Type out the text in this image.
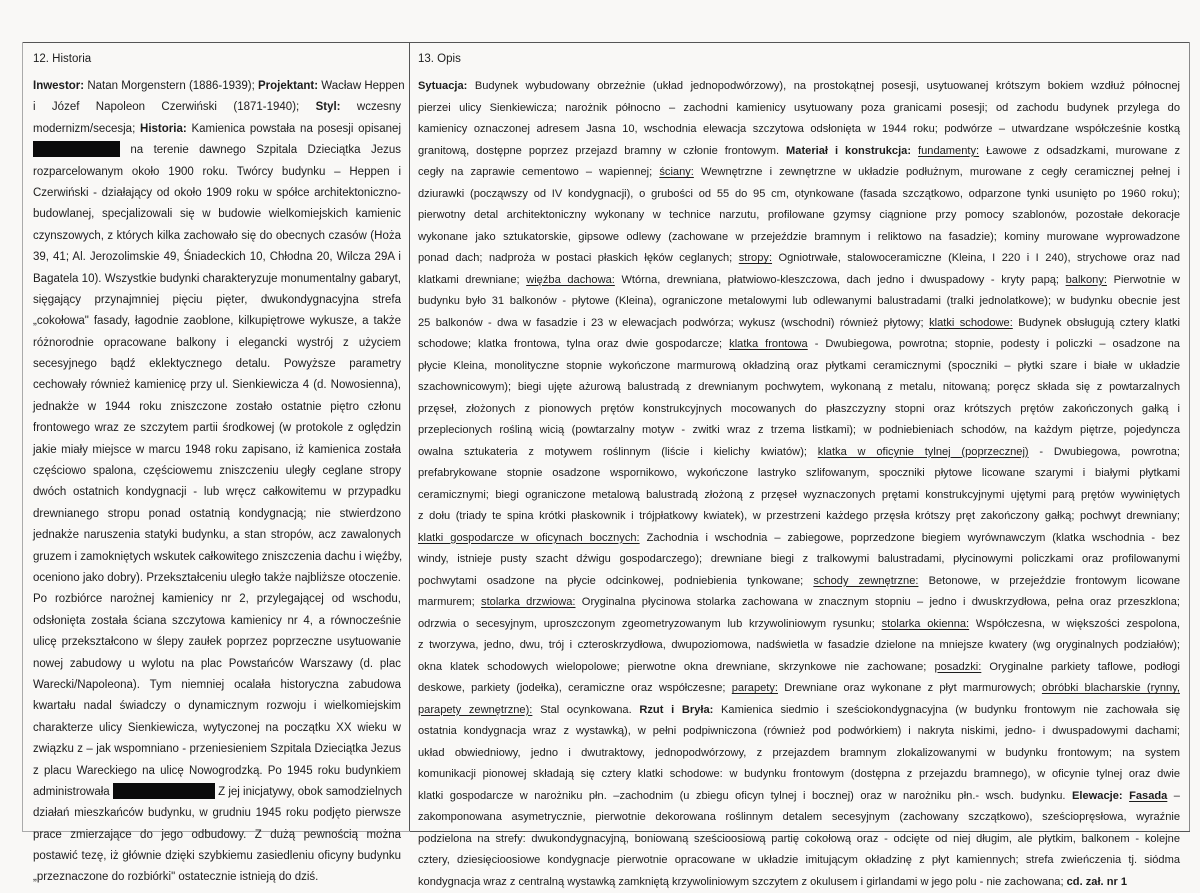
12. Historia
Inwestor: Natan Morgenstern (1886-1939); Projektant: Wacław Heppen
i Józef Napoleon Czerwiński (1871-1940); Styl: wczesny
modernizm/secesja; Historia: Kamienica powstała na posesji opisanej
na terenie dawnego Szpitala Dzieciątka Jezus
rozparcelowanym około 1900 roku. Twórcy budynku – Heppen i
Czerwiński - działający od około 1909 roku w spółce architektoniczno-
budowlanej, specjalizowali się w budowie wielkomiejskich kamienic
czynszowych, z których kilka zachowało się do obecnych czasów (Hoża
39, 41; Al. Jerozolimskie 49, Śniadeckich 10, Chłodna 20, Wilcza 29A i
Bagatela 10). Wszystkie budynki charakteryzuje monumentalny gabaryt,
sięgający przynajmniej pięciu pięter, dwukondygnacyjna strefa
„cokołowa" fasady, łagodnie zaoblone, kilkupiętrowe wykusze, a także
różnorodnie opracowane balkony i elegancki wystrój z użyciem
secesyjnego bądź eklektycznego detalu. Powyższe parametry
cechowały również kamienicę przy ul. Sienkiewicza 4 (d. Nowosienna),
jednakże w 1944 roku zniszczone zostało ostatnie piętro członu
frontowego wraz ze szczytem partii środkowej (w protokole z oględzin
jakie miały miejsce w marcu 1948 roku zapisano, iż kamienica została
częściowo spalona, częściowemu zniszczeniu uległy ceglane stropy
dwóch ostatnich kondygnacji - lub wręcz całkowitemu w przypadku
drewnianego stropu ponad ostatnią kondygnacją; nie stwierdzono
jednakże naruszenia statyki budynku, a stan stropów, acz zawalonych
gruzem i zamokniętych wskutek całkowitego zniszczenia dachu i więźby,
oceniono jako dobry). Przekształceniu uległo także najbliższe otoczenie.
Po rozbiórce narożnej kamienicy nr 2, przylegającej od wschodu,
odsłonięta została ściana szczytowa kamienicy nr 4, a równocześnie
ulicę przekształcono w ślepy zaułek poprzez poprzeczne usytuowanie
nowej zabudowy u wylotu na plac Powstańców Warszawy (d. plac
Warecki/Napoleona). Tym niemniej ocalała historyczna zabudowa
kwartału nadal świadczy o dynamicznym rozwoju i wielkomiejskim
charakterze ulicy Sienkiewicza, wytyczonej na początku XX wieku w
związku z – jak wspomniano - przeniesieniem Szpitala Dzieciątka Jezus
z placu Wareckiego na ulicę Nowogrodzką. Po 1945 roku budynkiem
administrowała	Z jej inicjatywy, obok samodzielnych
działań mieszkańców budynku, w grudniu 1945 roku podjęto pierwsze
prace zmierzające do jego odbudowy. Z dużą pewnością można
postawić tezę, iż głównie dzięki szybkiemu zasiedleniu oficyny budynku
„przeznaczone do rozbiórki" ostatecznie istnieją do dziś.
13. Opis
Sytuacja: Budynek wybudowany obrzeżnie (układ jednopodwórzowy), na prostokątnej posesji, usytuowanej krótszym bokiem wzdłuż północnej
pierzei ulicy Sienkiewicza; narożnik północno – zachodni kamienicy usytuowany poza granicami posesji; od zachodu budynek przylega do
kamienicy oznaczonej adresem Jasna 10, wschodnia elewacja szczytowa odsłonięta w 1944 roku; podwórze – utwardzane współcześnie kostką
granitową, dostępne poprzez przejazd bramny w członie frontowym. Materiał i konstrukcja: fundamenty: Ławowe z odsadzkami, murowane z
cegły na zaprawie cementowo – wapiennej; ściany: Wewnętrzne i zewnętrzne w układzie podłużnym, murowane z cegły ceramicznej pełnej i
dziurawki (począwszy od IV kondygnacji), o grubości od 55 do 95 cm, otynkowane (fasada szczątkowo, odparzone tynki usunięto po 1960 roku);
pierwotny detal architektoniczny wykonany w technice narzutu, profilowane gzymsy ciągnione przy pomocy szablonów, pozostałe dekoracje
wykonane jako sztukatorskie, gipsowe odlewy (zachowane w przejeździe bramnym i reliktowo na fasadzie); kominy murowane wyprowadzone
ponad dach; nadproża w postaci płaskich łęków ceglanych; stropy: Ogniotrwałe, stalowoceramiczne (Kleina, I 220 i I 240), strychowe oraz nad
klatkami drewniane; więźba dachowa: Wtórna, drewniana, płatwiowo-kleszczowa, dach jedno i dwuspadowy - kryty papą; balkony: Pierwotnie w
budynku było 31 balkonów - płytowe (Kleina), ograniczone metalowymi lub odlewanymi balustradami (tralki jednolatkowe); w budynku obecnie jest
25 balkonów - dwa w fasadzie i 23 w elewacjach podwórza; wykusz (wschodni) również płytowy; klatki schodowe: Budynek obsługują cztery klatki
schodowe; klatka frontowa, tylna oraz dwie gospodarcze; klatka frontowa - Dwubiegowa, powrotna; stopnie, podesty i policzki – osadzone na
płycie Kleina, monolityczne stopnie wykończone marmurową okładziną oraz płytkami ceramicznymi (spoczniki – płytki szare i białe w układzie
szachownicowym); biegi ujęte ażurową balustradą z drewnianym pochwytem, wykonaną z metalu, nitowaną; poręcz składa się z powtarzalnych
przęseł, złożonych z pionowych prętów konstrukcyjnych mocowanych do płaszczyzny stopni oraz krótszych prętów zakończonych gałką i
przeplecionych rośliną wicią (powtarzalny motyw - zwitki wraz z trzema listkami); w podniebieniach schodów, na każdym piętrze, pojedyncza
owalna sztukateria z motywem roślinnym (liście i kielichy kwiatów); klatka w oficynie tylnej (poprzecznej) - Dwubiegowa, powrotna;
prefabrykowane stopnie osadzone wspornikowo, wykończone lastryko szlifowanym, spoczniki płytowe licowane szarymi i białymi płytkami
ceramicznymi; biegi ograniczone metalową balustradą złożoną z przęseł wyznaczonych prętami konstrukcyjnymi ujętymi parą prętów wywiniętych
z dołu (triady te spina krótki płaskownik i trójpłatkowy kwiatek), w przestrzeni każdego przęsła krótszy pręt zakończony gałką; pochwyt drewniany;
klatki gospodarcze w oficynach bocznych: Zachodnia i wschodnia – zabiegowe, poprzedzone biegiem wyrównawczym (klatka wschodnia - bez
windy, istnieje pusty szacht dźwigu gospodarczego); drewniane biegi z tralkowymi balustradami, płycinowymi policzkami oraz profilowanymi
pochwytami osadzone na płycie odcinkowej, podniebienia tynkowane; schody zewnętrzne: Betonowe, w przejeździe frontowym licowane
marmurem; stolarka drzwiowa: Oryginalna płycinowa stolarka zachowana w znacznym stopniu – jedno i dwuskrzydłowa, pełna oraz przeszklona;
odrzwia o secesyjnym, uproszczonym zgeometryzowanym lub krzywoliniowym rysunku; stolarka okienna: Współczesna, w większości zespolona,
z tworzywa, jedno, dwu, trój i czteroskrzydłowa, dwupoziomowa, nadświetla w fasadzie dzielone na mniejsze kwatery (wg oryginalnych podziałów);
okna klatek schodowych wielopolowe; pierwotne okna drewniane, skrzynkowe nie zachowane; posadzki: Oryginalne parkiety taflowe, podłogi
deskowe, parkiety (jodełka), ceramiczne oraz współczesne; parapety: Drewniane oraz wykonane z płyt marmurowych; obróbki blacharskie (rynny,
parapety zewnętrzne): Stal ocynkowana. Rzut i Bryła: Kamienica siedmio i sześciokondygnacyjna (w budynku frontowym nie zachowała się
ostatnia kondygnacja wraz z wystawką), w pełni podpiwniczona (również pod podwórkiem) i nakryta niskimi, jedno- i dwuspadowymi dachami;
układ obwiedniowy, jedno i dwutraktowy, jednopodwórzowy, z przejazdem bramnym zlokalizowanymi w budynku frontowym; na system
komunikacji pionowej składają się cztery klatki schodowe: w budynku frontowym (dostępna z przejazdu bramnego), w oficynie tylnej oraz dwie
klatki gospodarcze w narożniku płn. –zachodnim (u zbiegu oficyn tylnej i bocznej) oraz w narożniku płn.- wsch. budynku. Elewacje: Fasada –
zakomponowana asymetrycznie, pierwotnie dekorowana roślinnym detalem secesyjnym (zachowany szczątkowo), sześciopręsłowa, wyraźnie
podzielona na strefy: dwukondygnacyjną, boniowaną sześcioosiową partię cokołową oraz - odcięte od niej długim, ale płytkim, balkonem - kolejne
cztery, dziesięcioosiowe kondygnacje pierwotnie opracowane w układzie imitującym okładzinę z płyt kamiennych; strefa zwieńczenia tj. siódma
kondygnacja wraz z centralną wystawką zamkniętą krzywoliniowym szczytem z okulusem i girlandami w jego polu - nie zachowana; cd. zał. nr 1
